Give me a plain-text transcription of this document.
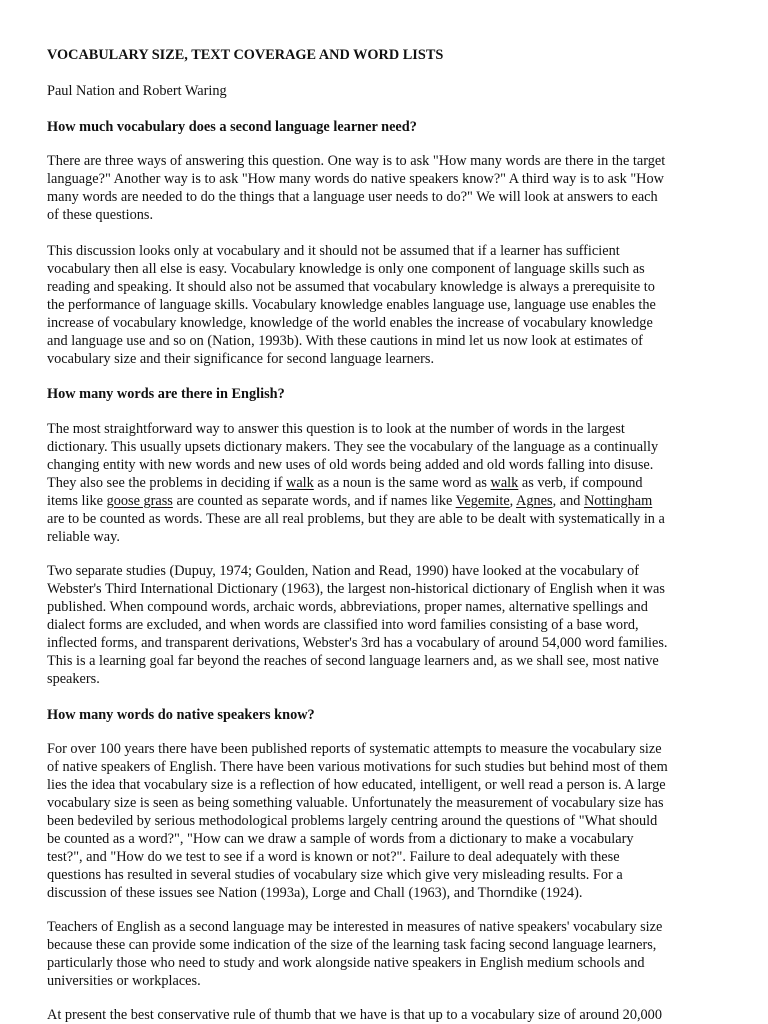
VOCABULARY SIZE, TEXT COVERAGE AND WORD LISTS

Paul Nation and Robert Waring

How much vocabulary does a second language learner need?

There are three ways of answering this question. One way is to ask "How many words are there in the target
language?" Another way is to ask "How many words do native speakers know?" A third way is to ask "How
many words are needed to do the things that a language user needs to do?" We will look at answers to each
of these questions.

This discussion looks only at vocabulary and it should not be assumed that if a learner has sufficient
vocabulary then all else is easy. Vocabulary knowledge is only one component of language skills such as
reading and speaking. It should also not be assumed that vocabulary knowledge is always a prerequisite to
the performance of language skills. Vocabulary knowledge enables language use, language use enables the
increase of vocabulary knowledge, knowledge of the world enables the increase of vocabulary knowledge
and language use and so on (Nation, 1993b). With these cautions in mind let us now look at estimates of
vocabulary size and their significance for second language learners.

How many words are there in English?

The most straightforward way to answer this question is to look at the number of words in the largest
dictionary. This usually upsets dictionary makers. They see the vocabulary of the language as a continually
changing entity with new words and new uses of old words being added and old words falling into disuse.
They also see the problems in deciding if walk as a noun is the same word as walk as verb, if compound
items like goose grass are counted as separate words, and if names like Vegemite, Agnes, and Nottingham
are to be counted as words. These are all real problems, but they are able to be dealt with systematically in a
reliable way.

Two separate studies (Dupuy, 1974; Goulden, Nation and Read, 1990) have looked at the vocabulary of
Webster's Third International Dictionary (1963), the largest non-historical dictionary of English when it was
published. When compound words, archaic words, abbreviations, proper names, alternative spellings and
dialect forms are excluded, and when words are classified into word families consisting of a base word,
inflected forms, and transparent derivations, Webster's 3rd has a vocabulary of around 54,000 word families.
This is a learning goal far beyond the reaches of second language learners and, as we shall see, most native
speakers.

How many words do native speakers know?

For over 100 years there have been published reports of systematic attempts to measure the vocabulary size
of native speakers of English. There have been various motivations for such studies but behind most of them
lies the idea that vocabulary size is a reflection of how educated, intelligent, or well read a person is. A large
vocabulary size is seen as being something valuable. Unfortunately the measurement of vocabulary size has
been bedeviled by serious methodological problems largely centring around the questions of "What should
be counted as a word?", "How can we draw a sample of words from a dictionary to make a vocabulary
test?", and "How do we test to see if a word is known or not?". Failure to deal adequately with these
questions has resulted in several studies of vocabulary size which give very misleading results. For a
discussion of these issues see Nation (1993a), Lorge and Chall (1963), and Thorndike (1924).

Teachers of English as a second language may be interested in measures of native speakers' vocabulary size
because these can provide some indication of the size of the learning task facing second language learners,
particularly those who need to study and work alongside native speakers in English medium schools and
universities or workplaces.

At present the best conservative rule of thumb that we have is that up to a vocabulary size of around 20,000
